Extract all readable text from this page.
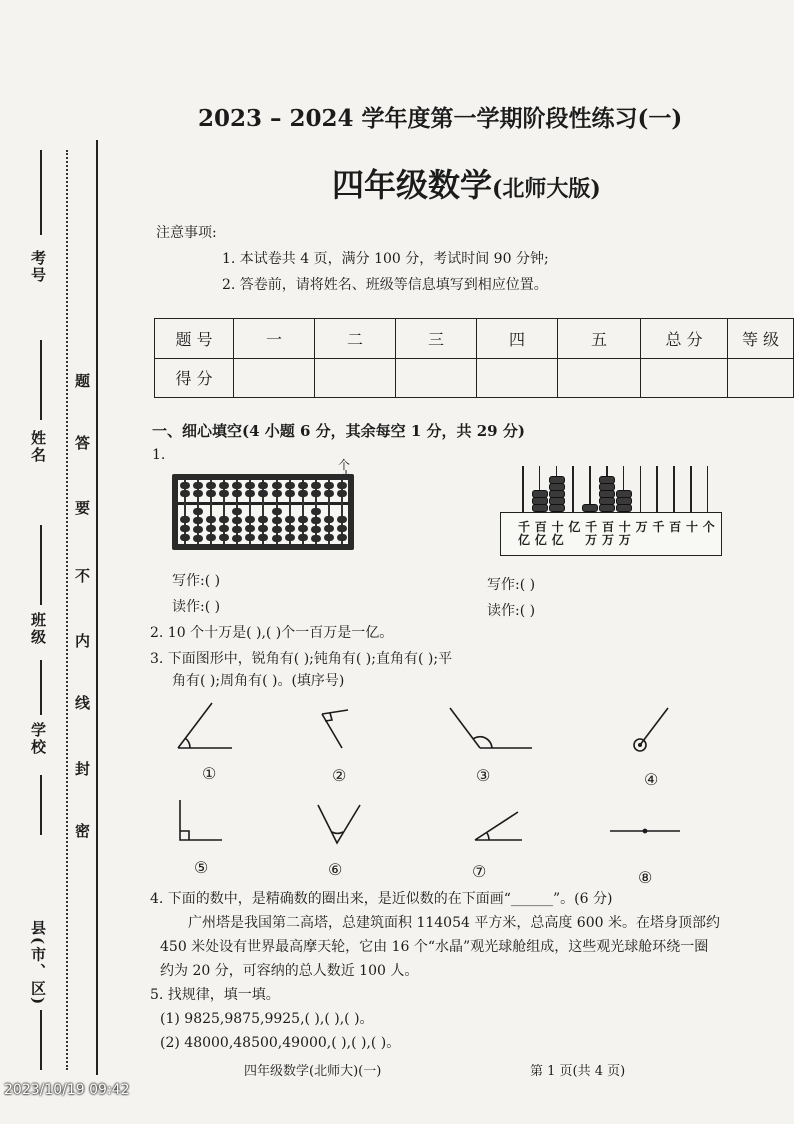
考号
姓名
班级
学校
县(市、区)
题
答
要
不
内
线
封
密
2023 – 2024 学年度第一学期阶段性练习(一)
四年级数学(北师大版)
注意事项:
1. 本试卷共 4 页，满分 100 分，考试时间 90 分钟;
2. 答卷前，请将姓名、班级等信息填写到相应位置。
题 号	一	二	三	四	五	总 分	等 级
得 分							
一、细心填空(4 小题 6 分，其余每空 1 分，共 29 分)
1.
个
千
亿
百
亿
十
亿
亿 千
万
百
万
十
万
万 千 百 十 个
写作:( )
读作:( )
写作:( )
读作:( )
2. 10 个十万是( ),( )个一百万是一亿。
3. 下面图形中，锐角有( );钝角有( );直角有( );平
角有( );周角有( )。(填序号)
①	②	③	④
⑤	⑥	⑦	⑧
4. 下面的数中，是精确数的圈出来，是近似数的在下面画“______”。(6 分)
广州塔是我国第二高塔，总建筑面积 114054 平方米，总高度 600 米。在塔身顶部约
450 米处设有世界最高摩天轮，它由 16 个“水晶”观光球舱组成，这些观光球舱环绕一圈
约为 20 分，可容纳的总人数近 100 人。
5. 找规律，填一填。
(1) 9825,9875,9925,( ),( ),( )。
(2) 48000,48500,49000,( ),( ),( )。
四年级数学(北师大)(一)	第 1 页(共 4 页)
2023/10/19 09:42
